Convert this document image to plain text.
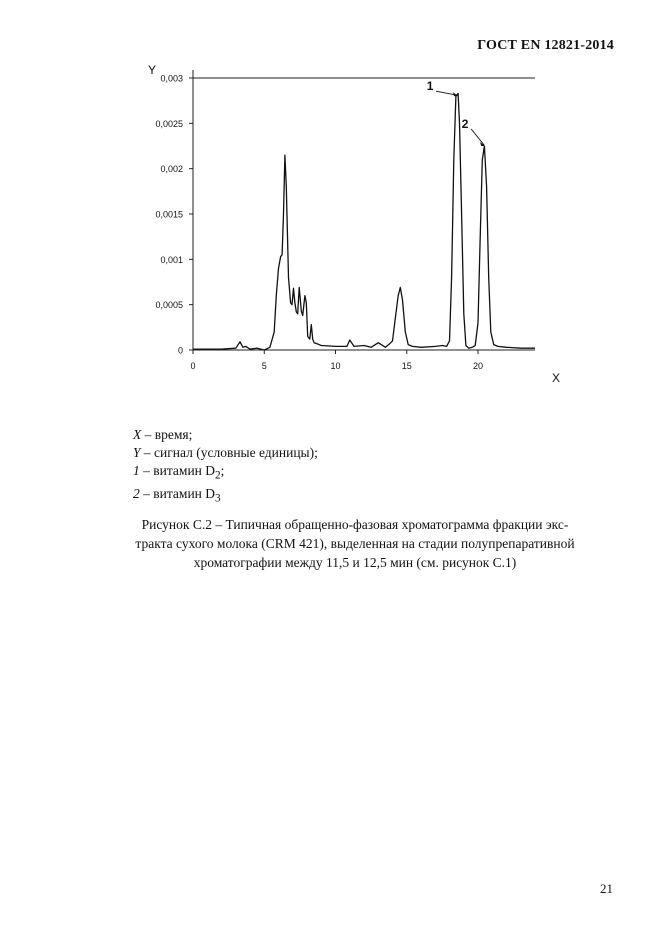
ГОСТ EN 12821-2014
0
0,0005
0,001
0,0015
0,002
0,0025
0,003
0	5	10	15	20
1
2
Y
X
X – время;
Y – сигнал (условные единицы);
1 – витамин $D_2$;
2 – витамин $D_3$
Рисунок С.2 – Типичная обращенно-фазовая хроматограмма фракции экс-
тракта сухого молока (CRM 421), выделенная на стадии полупрепаративной
хроматографии между 11,5 и 12,5 мин (см. рисунок С.1)
21
